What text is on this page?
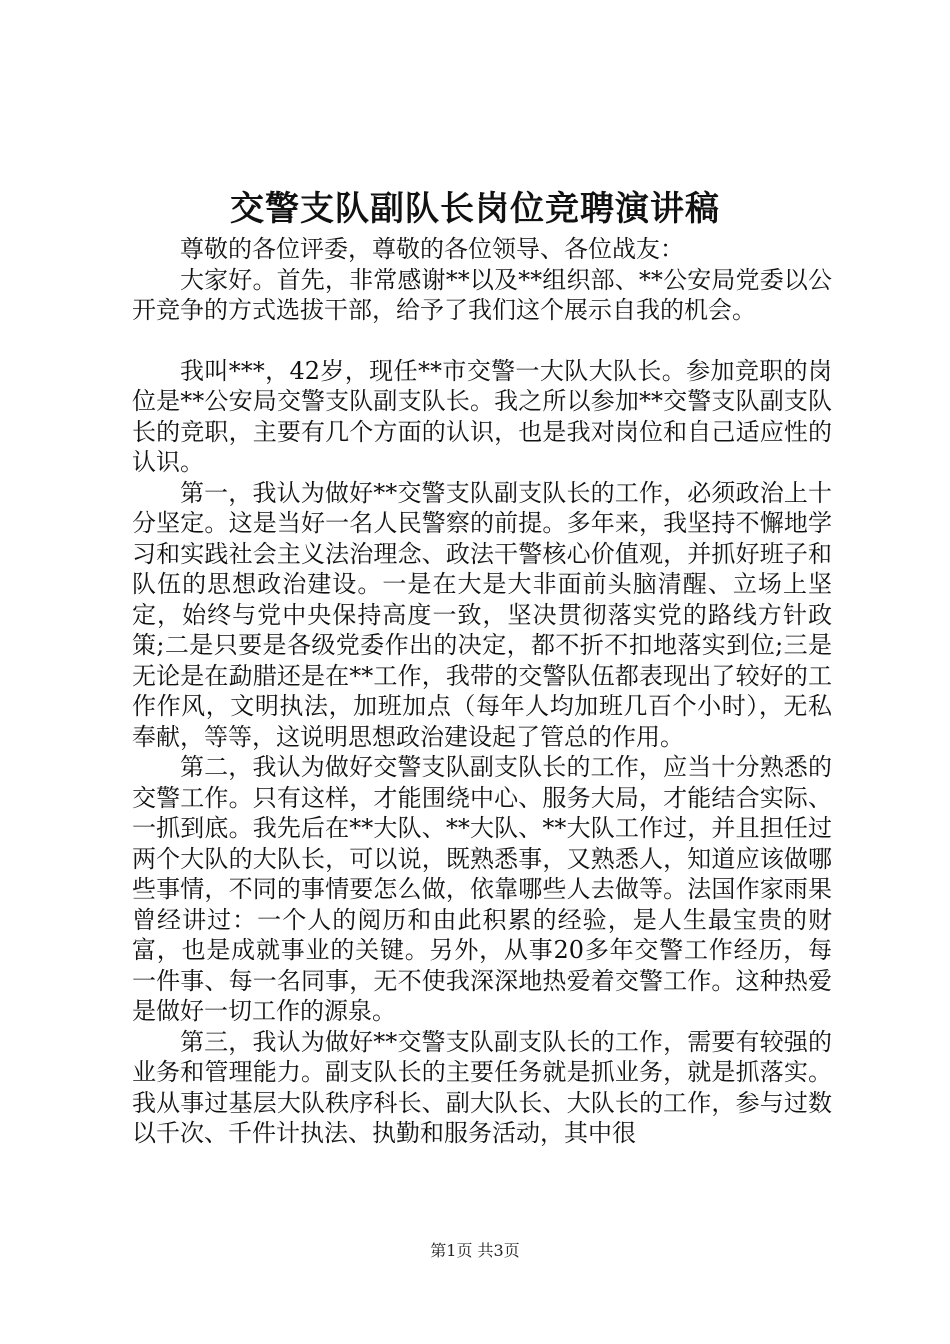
交警支队副队长岗位竞聘演讲稿

尊敬的各位评委，尊敬的各位领导、各位战友：

大家好。首先，非常感谢**以及**组织部、**公安局党委以公开竞争的方式选拔干部，给予了我们这个展示自我的机会。

我叫***，42岁，现任**市交警一大队大队长。参加竞职的岗位是**公安局交警支队副支队长。我之所以参加**交警支队副支队长的竞职，主要有几个方面的认识，也是我对岗位和自己适应性的认识。

第一，我认为做好**交警支队副支队长的工作，必须政治上十分坚定。这是当好一名人民警察的前提。多年来，我坚持不懈地学习和实践社会主义法治理念、政法干警核心价值观，并抓好班子和队伍的思想政治建设。一是在大是大非面前头脑清醒、立场上坚定，始终与党中央保持高度一致，坚决贯彻落实党的路线方针政策;二是只要是各级党委作出的决定，都不折不扣地落实到位;三是无论是在勐腊还是在**工作，我带的交警队伍都表现出了较好的工作作风，文明执法，加班加点（每年人均加班几百个小时），无私奉献，等等，这说明思想政治建设起了管总的作用。

第二，我认为做好交警支队副支队长的工作，应当十分熟悉的交警工作。只有这样，才能围绕中心、服务大局，才能结合实际、一抓到底。我先后在**大队、**大队、**大队工作过，并且担任过两个大队的大队长，可以说，既熟悉事，又熟悉人，知道应该做哪些事情，不同的事情要怎么做，依靠哪些人去做等。法国作家雨果曾经讲过：一个人的阅历和由此积累的经验，是人生最宝贵的财富，也是成就事业的关键。另外，从事20多年交警工作经历，每一件事、每一名同事，无不使我深深地热爱着交警工作。这种热爱是做好一切工作的源泉。

第三，我认为做好**交警支队副支队长的工作，需要有较强的业务和管理能力。副支队长的主要任务就是抓业务，就是抓落实。我从事过基层大队秩序科长、副大队长、大队长的工作，参与过数以千次、千件计执法、执勤和服务活动，其中很

第1页 共3页
